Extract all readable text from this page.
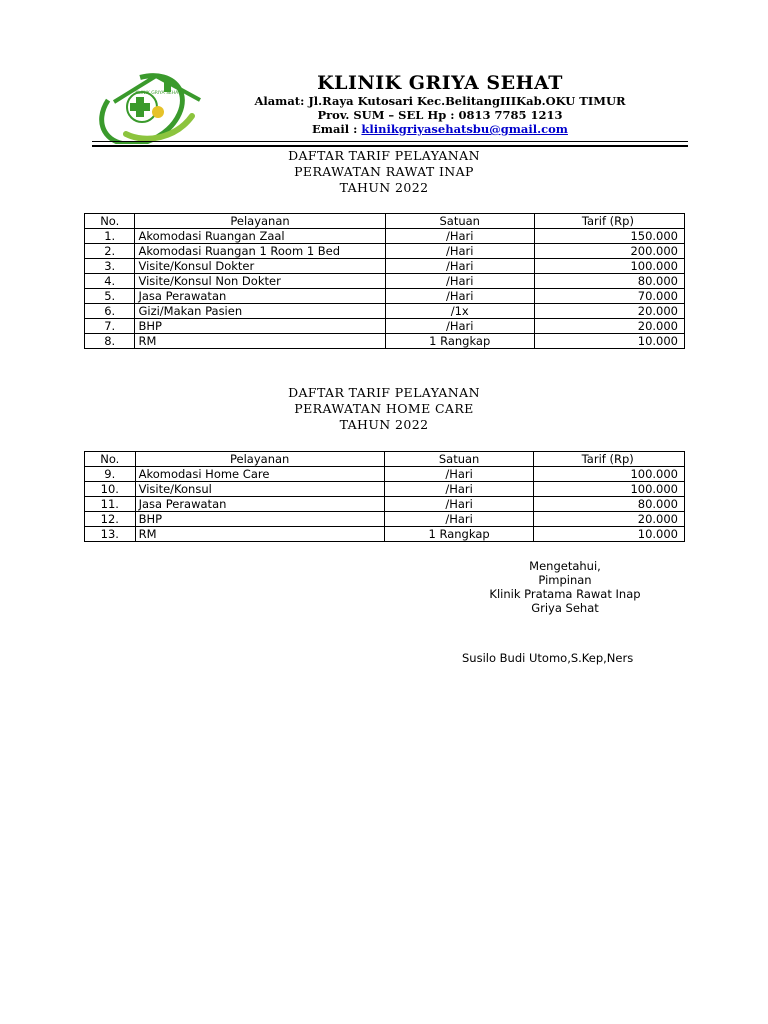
KLINIK GRIYA SEHAT	KLINIK GRIYA SEHAT
Alamat: Jl.Raya Kutosari Kec.BelitangIIIKab.OKU TIMUR
Prov. SUM – SEL Hp : 0813 7785 1213
Email : klinikgriyasehatsbu@gmail.com
DAFTAR TARIF PELAYANAN
PERAWATAN RAWAT INAP
TAHUN 2022
No.	Pelayanan	Satuan	Tarif (Rp)
1.	Akomodasi Ruangan Zaal	/Hari	150.000
2.	Akomodasi Ruangan 1 Room 1 Bed	/Hari	200.000
3.	Visite/Konsul Dokter	/Hari	100.000
4.	Visite/Konsul Non Dokter	/Hari	80.000
5.	Jasa Perawatan	/Hari	70.000
6.	Gizi/Makan Pasien	/1x	20.000
7.	BHP	/Hari	20.000
8.	RM	1 Rangkap	10.000
DAFTAR TARIF PELAYANAN
PERAWATAN HOME CARE
TAHUN 2022
No.	Pelayanan	Satuan	Tarif (Rp)
9.	Akomodasi Home Care	/Hari	100.000
10.	Visite/Konsul	/Hari	100.000
11.	Jasa Perawatan	/Hari	80.000
12.	BHP	/Hari	20.000
13.	RM	1 Rangkap	10.000
Mengetahui,
Pimpinan
Klinik Pratama Rawat Inap
Griya Sehat
Susilo Budi Utomo,S.Kep,Ners
